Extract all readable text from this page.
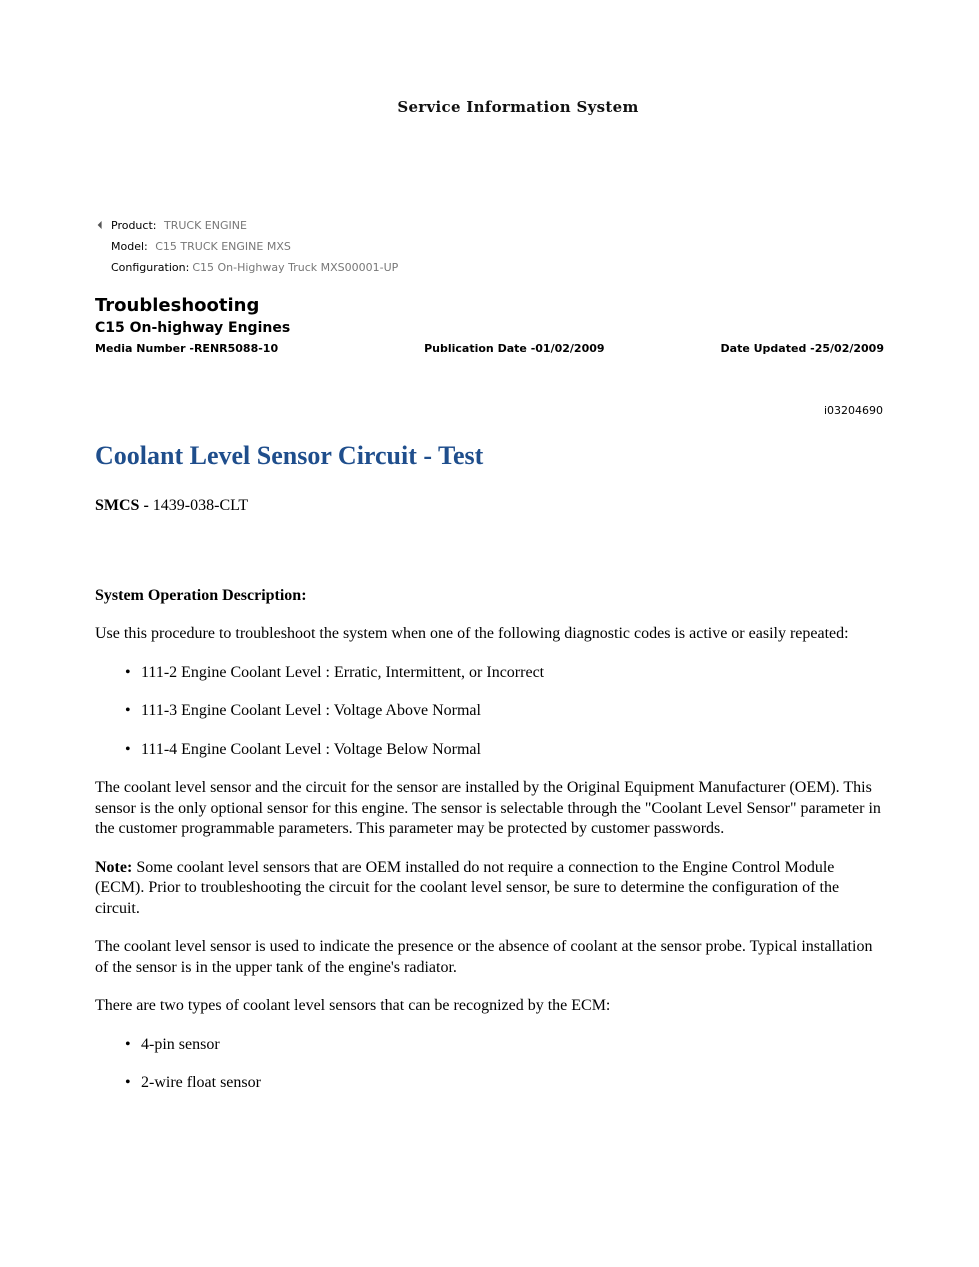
Service Information System
⏴ Product: TRUCK ENGINE
Model: C15 TRUCK ENGINE MXS
Configuration: C15 On-Highway Truck MXS00001-UP
Troubleshooting
C15 On-highway Engines
Media Number -RENR5088-10	Publication Date -01/02/2009	Date Updated -25/02/2009
i03204690
Coolant Level Sensor Circuit - Test

SMCS - 1439-038-CLT

System Operation Description:

Use this procedure to troubleshoot the system when one of the following diagnostic codes is active or easily repeated:

• 111-2 Engine Coolant Level : Erratic, Intermittent, or Incorrect
• 111-3 Engine Coolant Level : Voltage Above Normal
• 111-4 Engine Coolant Level : Voltage Below Normal

The coolant level sensor and the circuit for the sensor are installed by the Original Equipment Manufacturer (OEM). This sensor is the only optional sensor for this engine. The sensor is selectable through the "Coolant Level Sensor" parameter in the customer programmable parameters. This parameter may be protected by customer passwords.

Note: Some coolant level sensors that are OEM installed do not require a connection to the Engine Control Module (ECM). Prior to troubleshooting the circuit for the coolant level sensor, be sure to determine the configuration of the circuit.

The coolant level sensor is used to indicate the presence or the absence of coolant at the sensor probe. Typical installation of the sensor is in the upper tank of the engine's radiator.

There are two types of coolant level sensors that can be recognized by the ECM:

• 4-pin sensor
• 2-wire float sensor
